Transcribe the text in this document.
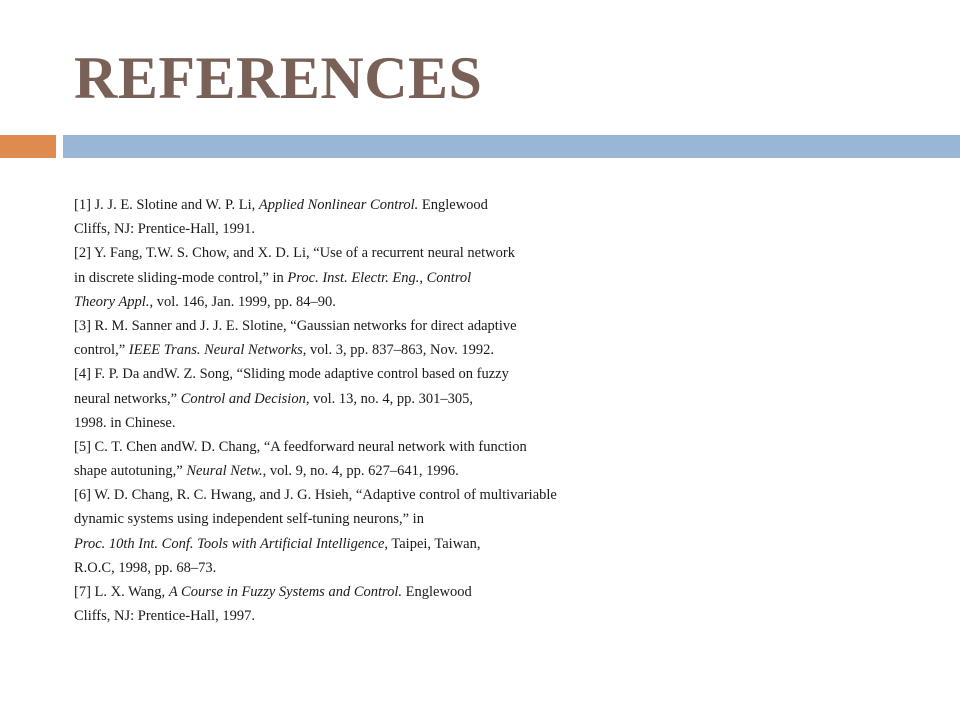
REFERENCES
[1] J. J. E. Slotine and W. P. Li, Applied Nonlinear Control. Englewood
Cliffs, NJ: Prentice-Hall, 1991.
[2] Y. Fang, T.W. S. Chow, and X. D. Li, “Use of a recurrent neural network
in discrete sliding-mode control,” in Proc. Inst. Electr. Eng., Control
Theory Appl., vol. 146, Jan. 1999, pp. 84–90.
[3] R. M. Sanner and J. J. E. Slotine, “Gaussian networks for direct adaptive
control,” IEEE Trans. Neural Networks, vol. 3, pp. 837–863, Nov. 1992.
[4] F. P. Da andW. Z. Song, “Sliding mode adaptive control based on fuzzy
neural networks,” Control and Decision, vol. 13, no. 4, pp. 301–305,
1998. in Chinese.
[5] C. T. Chen andW. D. Chang, “A feedforward neural network with function
shape autotuning,” Neural Netw., vol. 9, no. 4, pp. 627–641, 1996.
[6] W. D. Chang, R. C. Hwang, and J. G. Hsieh, “Adaptive control of multivariable
dynamic systems using independent self-tuning neurons,” in
Proc. 10th Int. Conf. Tools with Artificial Intelligence, Taipei, Taiwan,
R.O.C, 1998, pp. 68–73.
[7] L. X. Wang, A Course in Fuzzy Systems and Control. Englewood
Cliffs, NJ: Prentice-Hall, 1997.
